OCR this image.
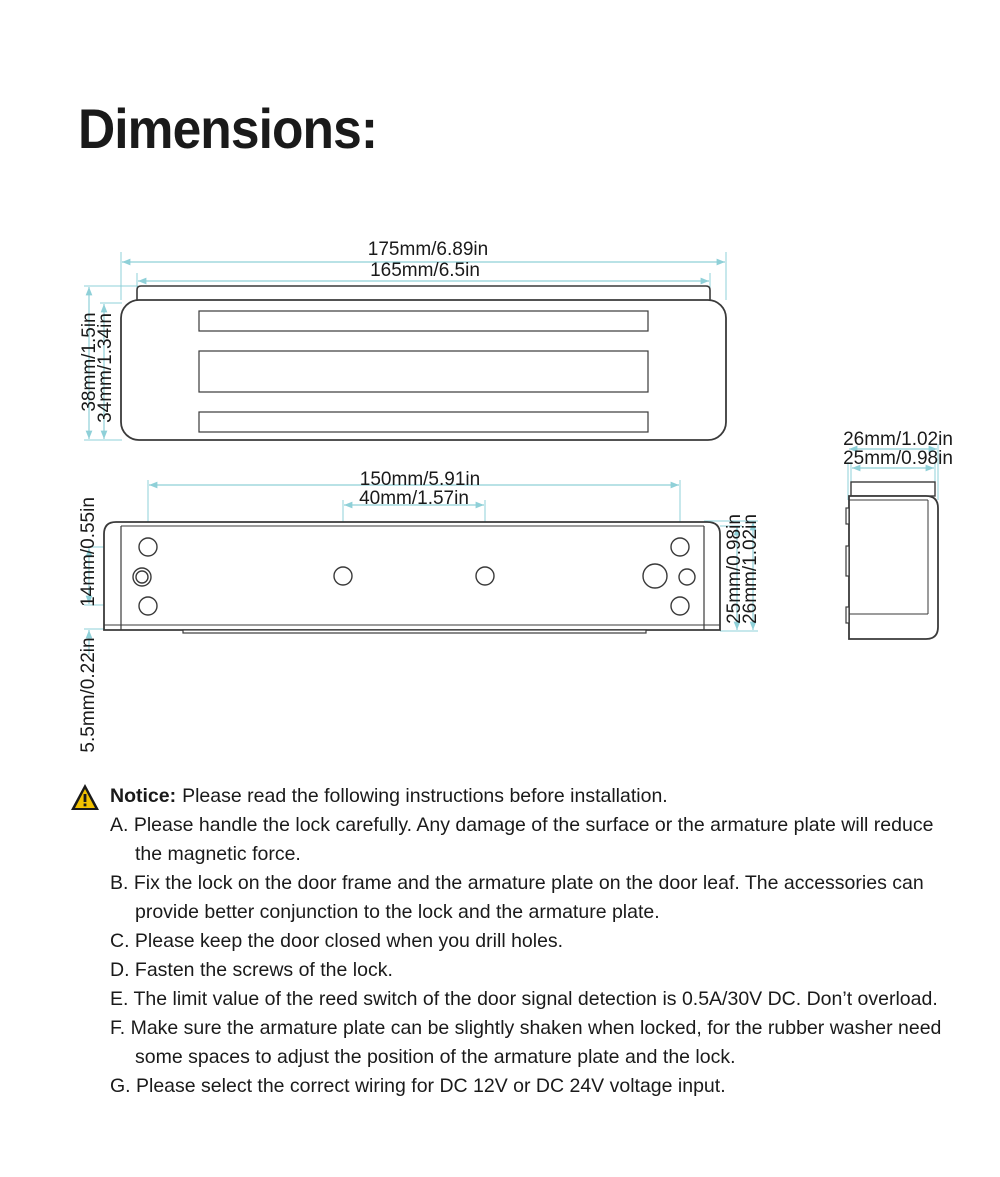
Dimensions:
175mm/6.89in
165mm/6.5in
38mm/1.5in
34mm/1.34in
150mm/5.91in
40mm/1.57in
14mm/0.55in
5.5mm/0.22in
25mm/0.98in
26mm/1.02in
26mm/1.02in
25mm/0.98in
Notice: Please read the following instructions before installation.
A. Please handle the lock carefully. Any damage of the surface or the armature plate will reduce the magnetic force.
B. Fix the lock on the door frame and the armature plate on the door leaf. The accessories can provide better conjunction to the lock and the armature plate.
C. Please keep the door closed when you drill holes.
D. Fasten the screws of the lock.
E. The limit value of the reed switch of the door signal detection is 0.5A/30V DC. Don’t overload.
F. Make sure the armature plate can be slightly shaken when locked, for the rubber washer need some spaces to adjust the position of the armature plate and the lock.
G. Please select the correct wiring for DC 12V or DC 24V voltage input.
